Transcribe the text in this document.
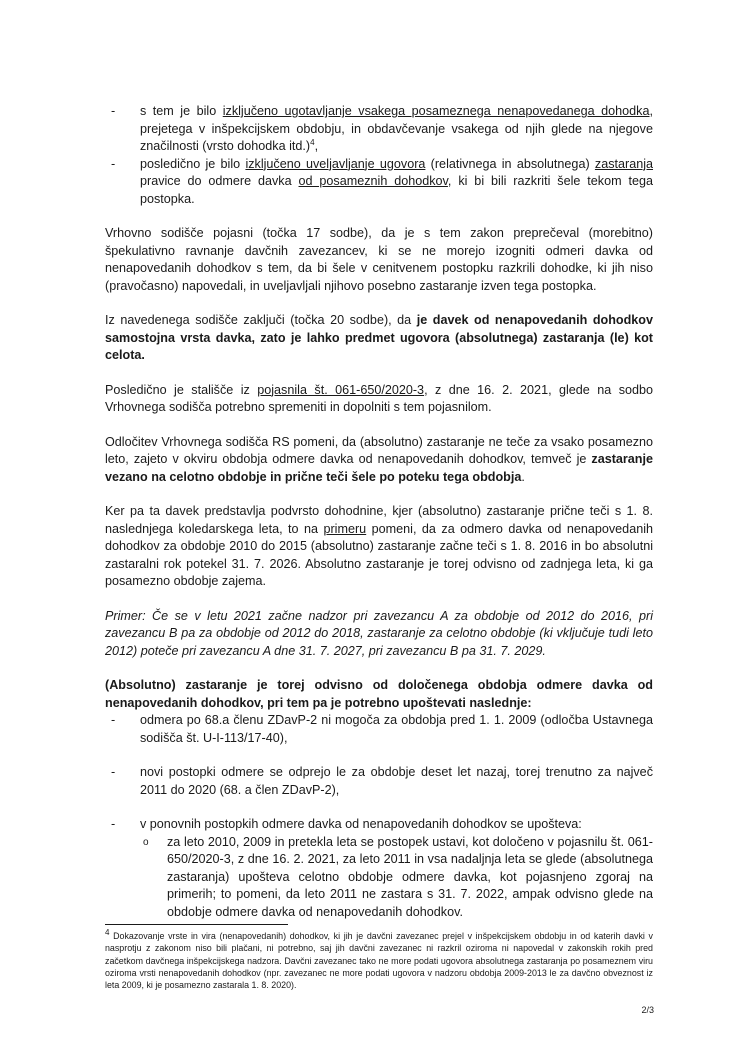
- s tem je bilo izključeno ugotavljanje vsakega posameznega nenapovedanega dohodka, prejetega v inšpekcijskem obdobju, in obdavčevanje vsakega od njih glede na njegove značilnosti (vrsto dohodka itd.)$^4$,
- posledično je bilo izključeno uveljavljanje ugovora (relativnega in absolutnega) zastaranja pravice do odmere davka od posameznih dohodkov, ki bi bili razkriti šele tekom tega postopka.

Vrhovno sodišče pojasni (točka 17 sodbe), da je s tem zakon preprečeval (morebitno) špekulativno ravnanje davčnih zavezancev, ki se ne morejo izogniti odmeri davka od nenapovedanih dohodkov s tem, da bi šele v cenitvenem postopku razkrili dohodke, ki jih niso (pravočasno) napovedali, in uveljavljali njihovo posebno zastaranje izven tega postopka.

Iz navedenega sodišče zaključi (točka 20 sodbe), da je davek od nenapovedanih dohodkov samostojna vrsta davka, zato je lahko predmet ugovora (absolutnega) zastaranja (le) kot celota.

Posledično je stališče iz pojasnila št. 061-650/2020-3, z dne 16. 2. 2021, glede na sodbo Vrhovnega sodišča potrebno spremeniti in dopolniti s tem pojasnilom.

Odločitev Vrhovnega sodišča RS pomeni, da (absolutno) zastaranje ne teče za vsako posamezno leto, zajeto v okviru obdobja odmere davka od nenapovedanih dohodkov, temveč je zastaranje vezano na celotno obdobje in prične teči šele po poteku tega obdobja.

Ker pa ta davek predstavlja podvrsto dohodnine, kjer (absolutno) zastaranje prične teči s 1. 8. naslednjega koledarskega leta, to na primeru pomeni, da za odmero davka od nenapovedanih dohodkov za obdobje 2010 do 2015 (absolutno) zastaranje začne teči s 1. 8. 2016 in bo absolutni zastaralni rok potekel 31. 7. 2026. Absolutno zastaranje je torej odvisno od zadnjega leta, ki ga posamezno obdobje zajema.

Primer: Če se v letu 2021 začne nadzor pri zavezancu A za obdobje od 2012 do 2016, pri zavezancu B pa za obdobje od 2012 do 2018, zastaranje za celotno obdobje (ki vključuje tudi leto 2012) poteče pri zavezancu A dne 31. 7. 2027, pri zavezancu B pa 31. 7. 2029.

(Absolutno) zastaranje je torej odvisno od določenega obdobja odmere davka od nenapovedanih dohodkov, pri tem pa je potrebno upoštevati naslednje:

- odmera po 68.a členu ZDavP-2 ni mogoča za obdobja pred 1. 1. 2009 (odločba Ustavnega sodišča št. U-I-113/17-40),
- novi postopki odmere se odprejo le za obdobje deset let nazaj, torej trenutno za največ 2011 do 2020 (68. a člen ZDavP-2),
- v ponovnih postopkih odmere davka od nenapovedanih dohodkov se upošteva:
o za leto 2010, 2009 in pretekla leta se postopek ustavi, kot določeno v pojasnilu št. 061-650/2020-3, z dne 16. 2. 2021, za leto 2011 in vsa nadaljnja leta se glede (absolutnega zastaranja) upošteva celotno obdobje odmere davka, kot pojasnjeno zgoraj na primerih; to pomeni, da leto 2011 ne zastara s 31. 7. 2022, ampak odvisno glede na obdobje odmere davka od nenapovedanih dohodkov.
$^4$ Dokazovanje vrste in vira (nenapovedanih) dohodkov, ki jih je davčni zavezanec prejel v inšpekcijskem obdobju in od katerih davki v nasprotju z zakonom niso bili plačani, ni potrebno, saj jih davčni zavezanec ni razkril oziroma ni napovedal v zakonskih rokih pred začetkom davčnega inšpekcijskega nadzora. Davčni zavezanec tako ne more podati ugovora absolutnega zastaranja po posameznem viru oziroma vrsti nenapovedanih dohodkov (npr. zavezanec ne more podati ugovora v nadzoru obdobja 2009-2013 le za davčno obveznost iz leta 2009, ki je posamezno zastarala 1. 8. 2020).
2/3
